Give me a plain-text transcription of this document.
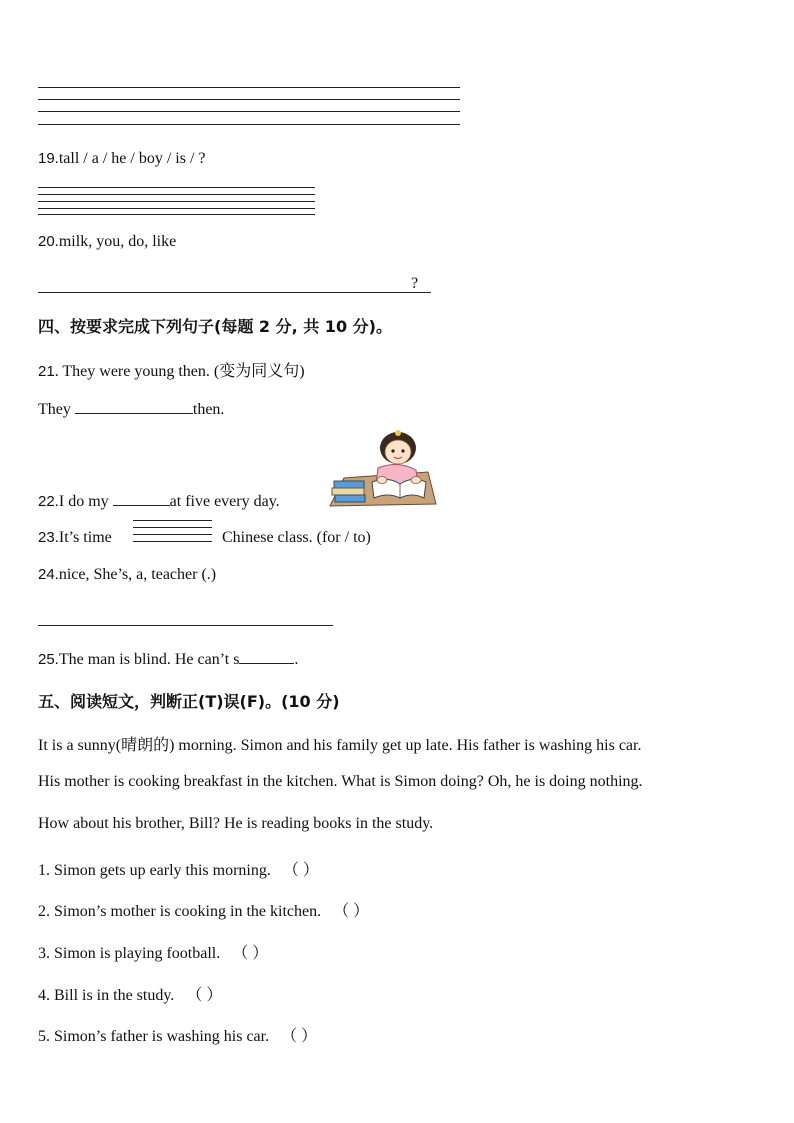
19.tall / a / he / boy / is / ?
20.milk, you, do, like
?
四、按要求完成下列句子(每题 2 分, 共 10 分)。
21. They were young then. (变为同义句)
They	then.
22.I do my	at five every day.
23.It’s time	Chinese class. (for / to)
24.nice, She’s, a, teacher (.)
25.The man is blind. He can’t s	.
五、阅读短文，判断正(T)误(F)。(10 分)
It is a sunny(晴朗的) morning. Simon and his family get up late. His father is washing his car.
His mother is cooking breakfast in the kitchen. What is Simon doing? Oh, he is doing nothing.
How about his brother, Bill? He is reading books in the study.
1. Simon gets up early this morning. （ ）
2. Simon’s mother is cooking in the kitchen. （ ）
3. Simon is playing football. （ ）
4. Bill is in the study. （ ）
5. Simon’s father is washing his car. （ ）
